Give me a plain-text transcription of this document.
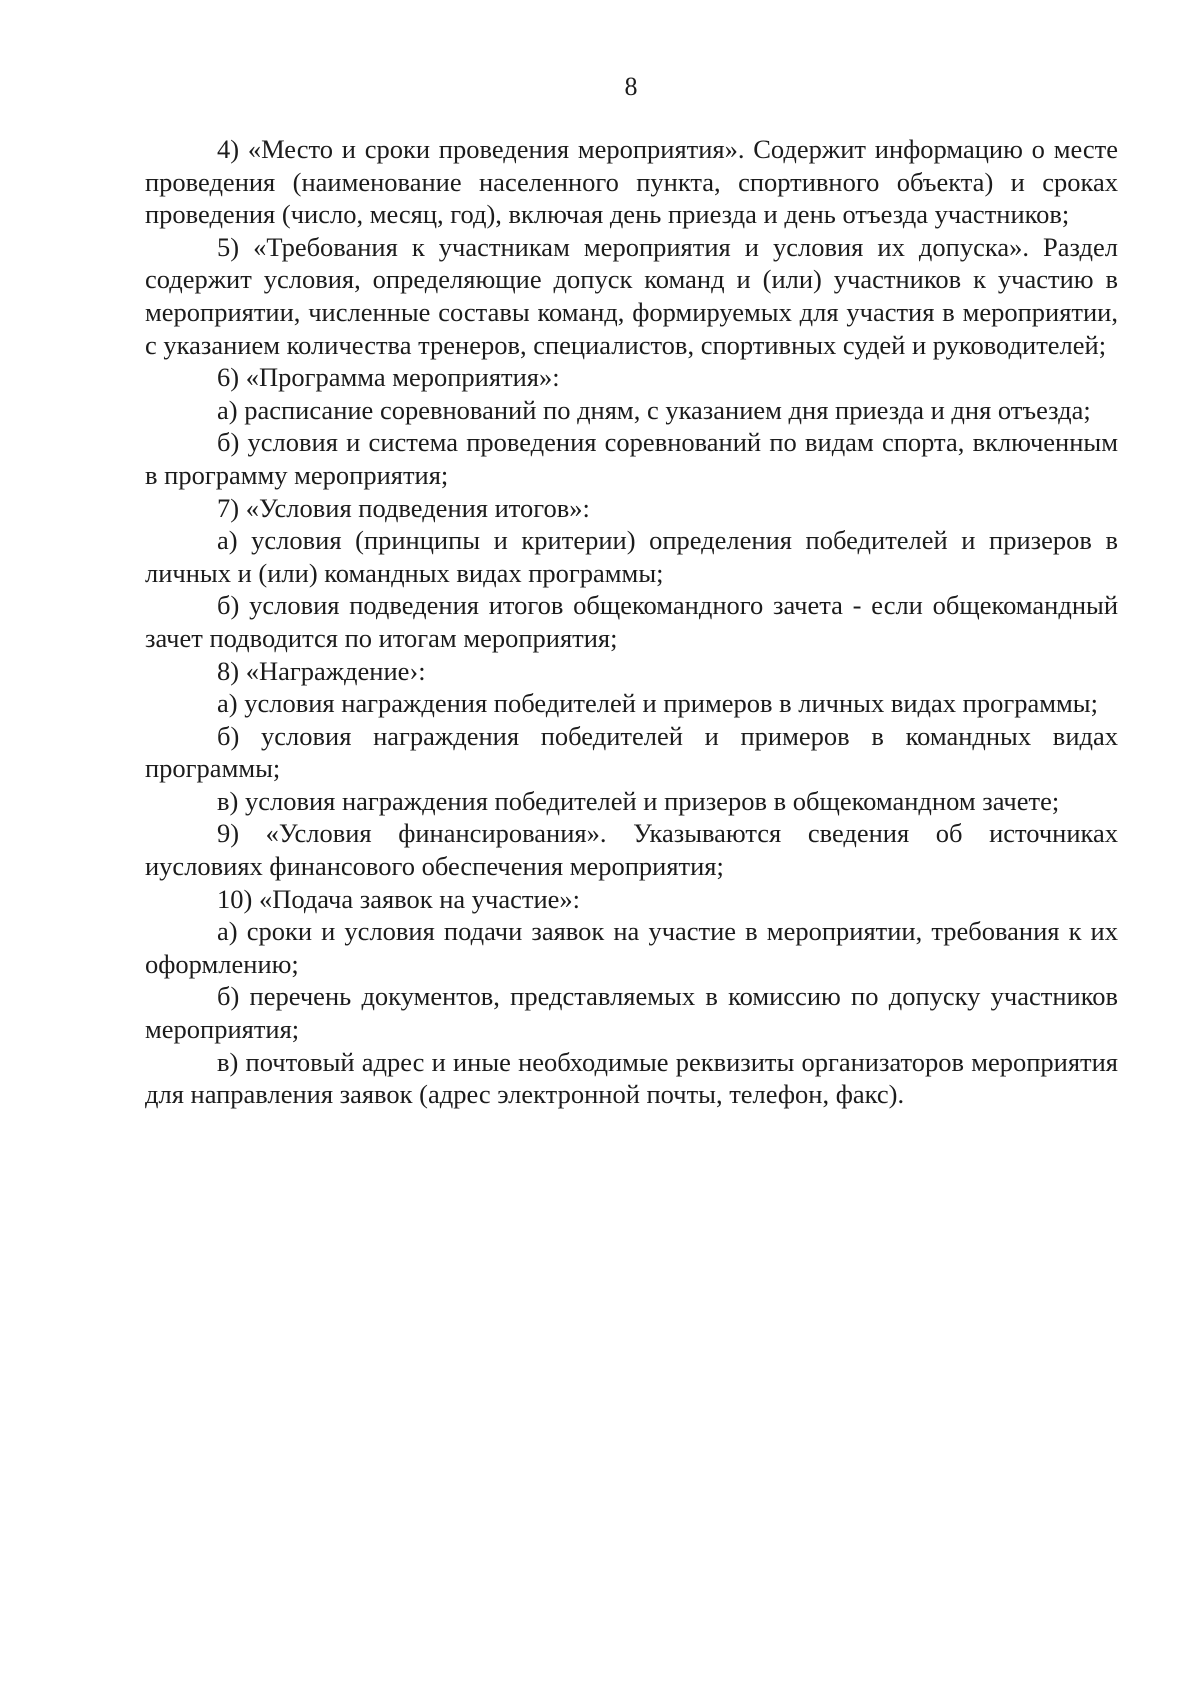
8

4) «Место и сроки проведения мероприятия». Содержит информацию о месте проведения (наименование населенного пункта, спортивного объекта) и сроках проведения (число, месяц, год), включая день приезда и день отъезда участников;

5) «Требования к участникам мероприятия и условия их допуска». Раздел содержит условия, определяющие допуск команд и (или) участников к участию в мероприятии, численные составы команд, формируемых для участия в мероприятии, с указанием количества тренеров, специалистов, спортивных судей и руководителей;

6) «Программа мероприятия»:

а) расписание соревнований по дням, с указанием дня приезда и дня отъезда;

б) условия и система проведения соревнований по видам спорта, включенным в программу мероприятия;

7) «Условия подведения итогов»:

а) условия (принципы и критерии) определения победителей и призеров в личных и (или) командных видах программы;

б) условия подведения итогов общекомандного зачета - если общекомандный зачет подводится по итогам мероприятия;

8) «Награждение›:

а) условия награждения победителей и примеров в личных видах программы;

б) условия награждения победителей и примеров в командных видах программы;

в) условия награждения победителей и призеров в общекомандном зачете;

9) «Условия финансирования». Указываются сведения об источниках иусловиях финансового обеспечения мероприятия;

10) «Подача заявок на участие»:

а) сроки и условия подачи заявок на участие в мероприятии, требования к их оформлению;

б) перечень документов, представляемых в комиссию по допуску участников мероприятия;

в) почтовый адрес и иные необходимые реквизиты организаторов мероприятия для направления заявок (адрес электронной почты, телефон, факс).
